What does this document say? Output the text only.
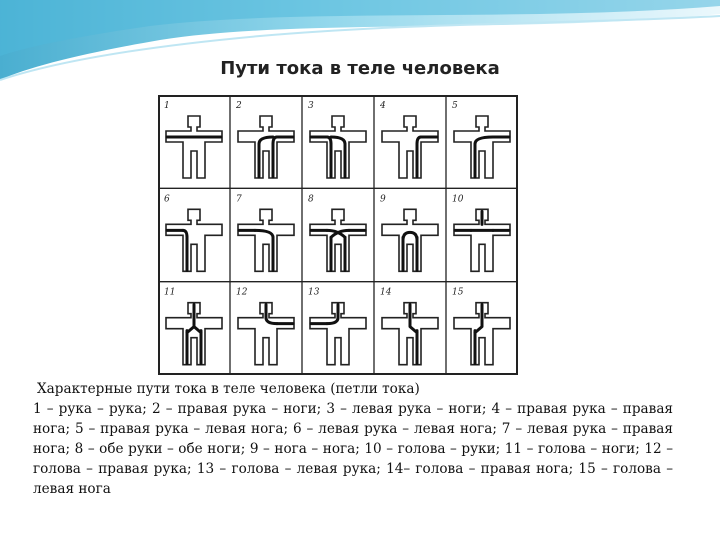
Пути тока в теле человека
1	2	3	4	5
6	7	8	9	10
11	12	13	14	15
Характерные пути тока в теле человека (петли тока)
1 – рука – рука; 2 – правая рука – ноги; 3 – левая рука – ноги; 4 – правая рука – правая нога; 5 – правая рука – левая нога; 6 – левая рука – левая нога; 7 – левая рука – правая нога; 8 – обе руки – обе ноги; 9 – нога – нога; 10 – голова – руки; 11 – голова – ноги; 12 – голова – правая рука; 13 – голова – левая рука; 14– голова – правая нога; 15 – голова – левая нога
